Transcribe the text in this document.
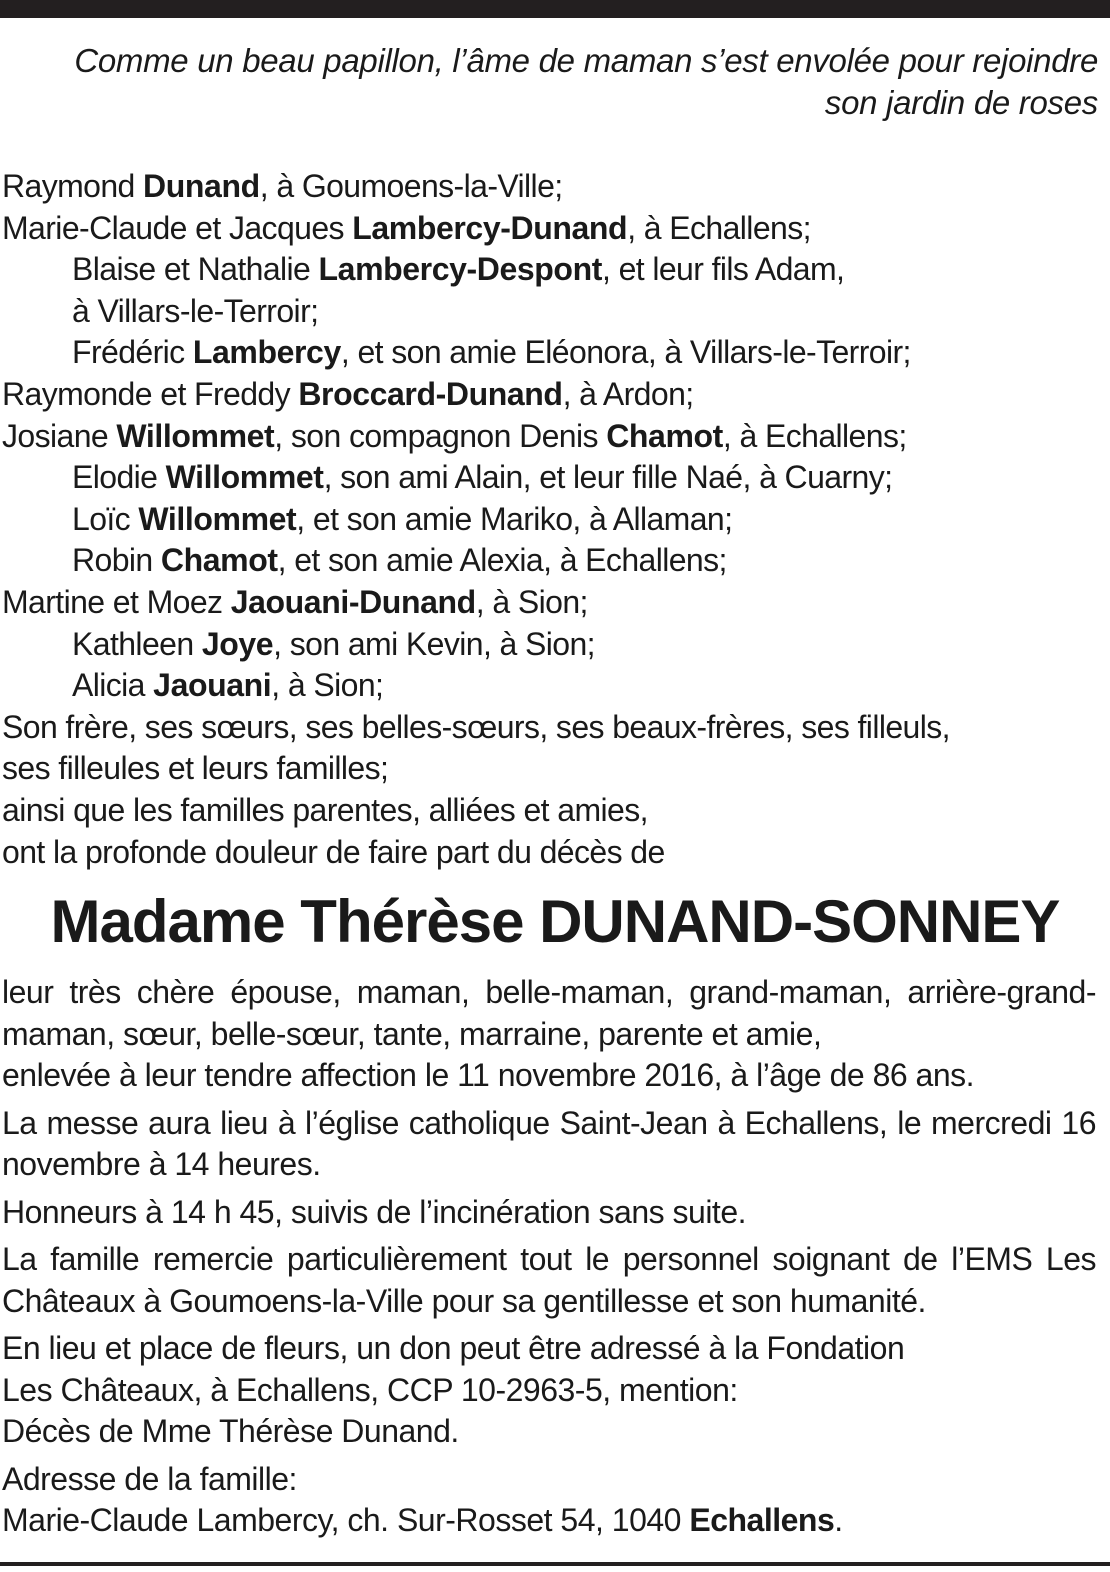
Comme un beau papillon, l’âme de maman s’est envolée pour rejoindre
son jardin de roses
Raymond Dunand, à Goumoens-la-Ville;
Marie-Claude et Jacques Lambercy-Dunand, à Echallens;
Blaise et Nathalie Lambercy-Despont, et leur fils Adam,
à Villars-le-Terroir;
Frédéric Lambercy, et son amie Eléonora, à Villars-le-Terroir;
Raymonde et Freddy Broccard-Dunand, à Ardon;
Josiane Willommet, son compagnon Denis Chamot, à Echallens;
Elodie Willommet, son ami Alain, et leur fille Naé, à Cuarny;
Loïc Willommet, et son amie Mariko, à Allaman;
Robin Chamot, et son amie Alexia, à Echallens;
Martine et Moez Jaouani-Dunand, à Sion;
Kathleen Joye, son ami Kevin, à Sion;
Alicia Jaouani, à Sion;
Son frère, ses sœurs, ses belles-sœurs, ses beaux-frères, ses filleuls,
ses filleules et leurs familles;
ainsi que les familles parentes, alliées et amies,
ont la profonde douleur de faire part du décès de
Madame Thérèse DUNAND-SONNEY

leur très chère épouse, maman, belle-maman, grand-maman, arrière-grand-maman, sœur, belle-sœur, tante, marraine, parente et amie,
enlevée à leur tendre affection le 11 novembre 2016, à l’âge de 86 ans.

La messe aura lieu à l’église catholique Saint-Jean à Echallens, le mercredi 16 novembre à 14 heures.

Honneurs à 14 h 45, suivis de l’incinération sans suite.

La famille remercie particulièrement tout le personnel soignant de l’EMS Les Châteaux à Goumoens-la-Ville pour sa gentillesse et son humanité.

En lieu et place de fleurs, un don peut être adressé à la Fondation
Les Châteaux, à Echallens, CCP 10-2963-5, mention:
Décès de Mme Thérèse Dunand.

Adresse de la famille:
Marie-Claude Lambercy, ch. Sur-Rosset 54, 1040 Echallens.
